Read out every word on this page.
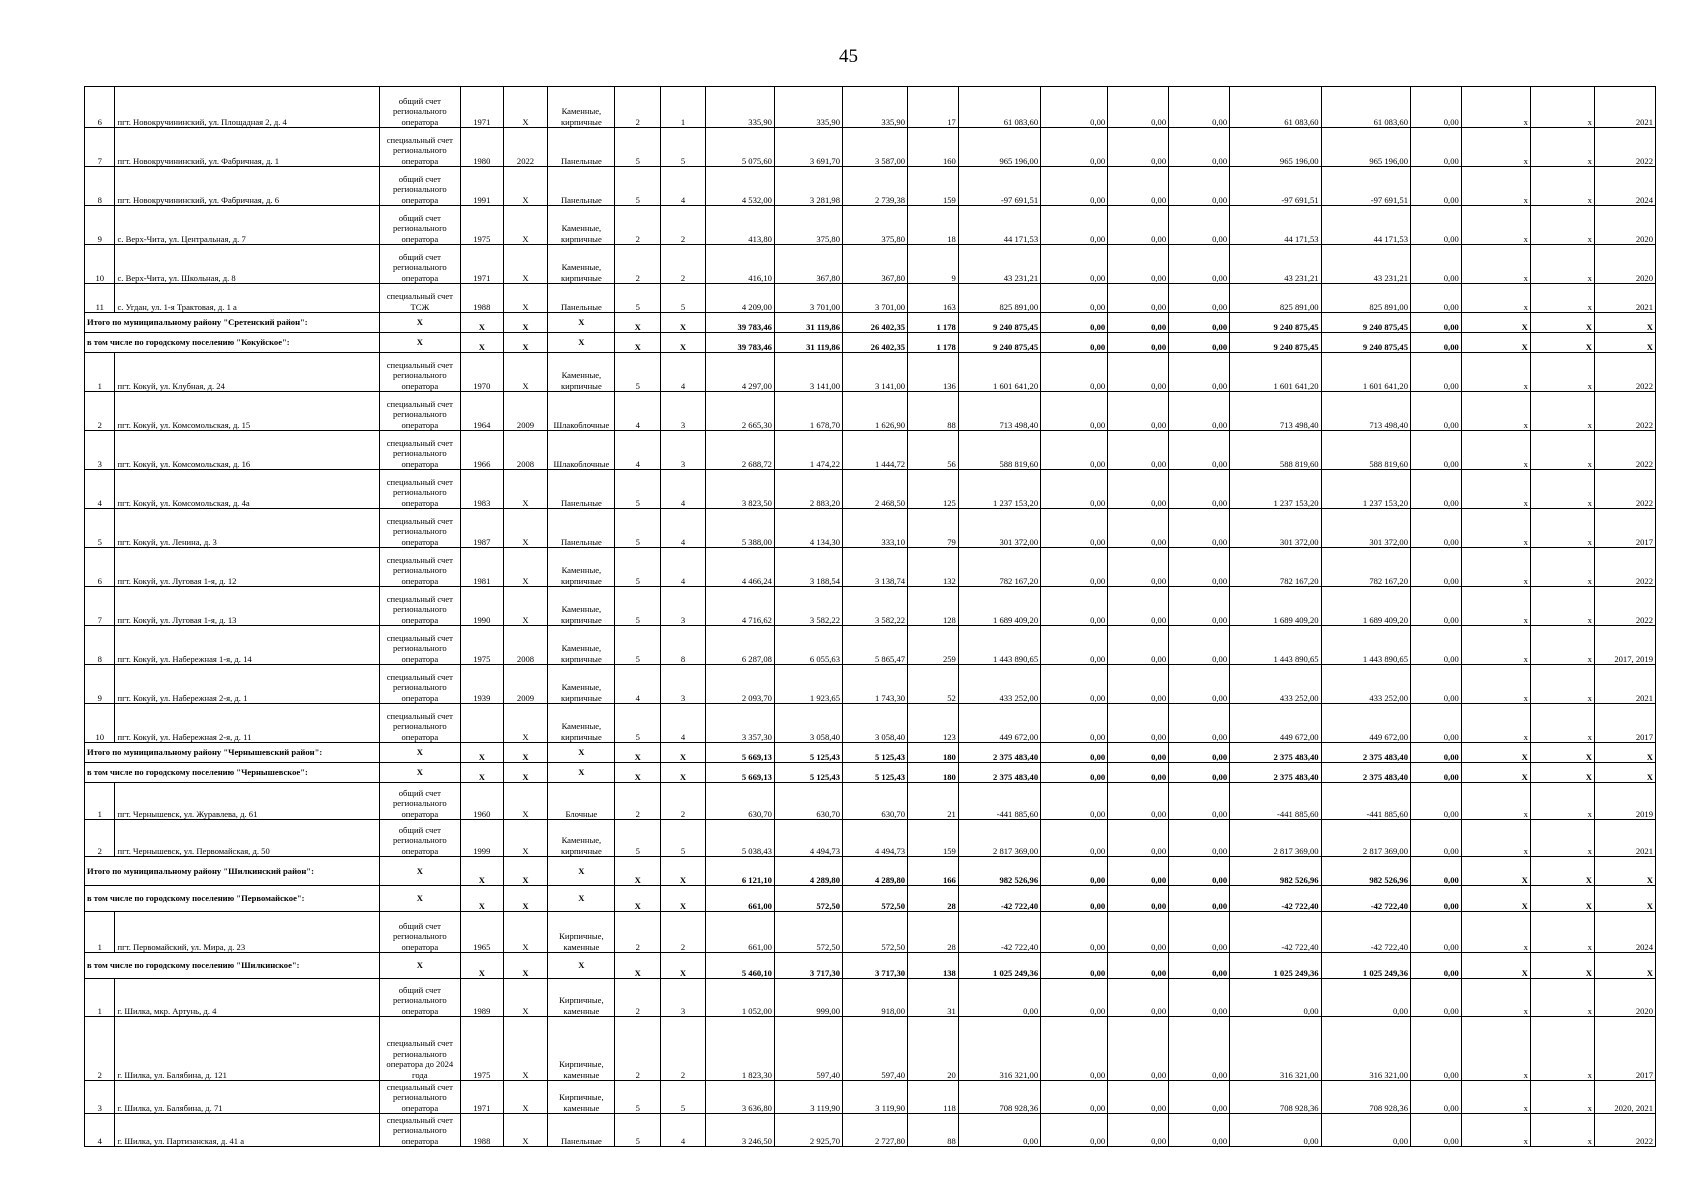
45
6	пгт. Новокручининский, ул. Площадная 2, д. 4	общий счет регионального оператора	1971	X	Каменные, кирпичные	2	1	335,90	335,90	335,90	17	61 083,60	0,00	0,00	0,00	61 083,60	61 083,60	0,00	x	x	2021
7	пгт. Новокручининский, ул. Фабричная, д. 1	специальный счет регионального оператора	1980	2022	Панельные	5	5	5 075,60	3 691,70	3 587,00	160	965 196,00	0,00	0,00	0,00	965 196,00	965 196,00	0,00	x	x	2022
8	пгт. Новокручининский, ул. Фабричная, д. 6	общий счет регионального оператора	1991	X	Панельные	5	4	4 532,00	3 281,98	2 739,38	159	-97 691,51	0,00	0,00	0,00	-97 691,51	-97 691,51	0,00	x	x	2024
9	с. Верх-Чита, ул. Центральная, д. 7	общий счет регионального оператора	1975	X	Каменные, кирпичные	2	2	413,80	375,80	375,80	18	44 171,53	0,00	0,00	0,00	44 171,53	44 171,53	0,00	x	x	2020
10	с. Верх-Чита, ул. Школьная, д. 8	общий счет регионального оператора	1971	X	Каменные, кирпичные	2	2	416,10	367,80	367,80	9	43 231,21	0,00	0,00	0,00	43 231,21	43 231,21	0,00	x	x	2020
11	с. Угдан, ул. 1-я Трактовая, д. 1 а	специальный счет ТСЖ	1988	X	Панельные	5	5	4 209,00	3 701,00	3 701,00	163	825 891,00	0,00	0,00	0,00	825 891,00	825 891,00	0,00	x	x	2021
Итого по муниципальному району "Сретенский район":		X	X	X	X	X	X	39 783,46	31 119,86	26 402,35	1 178	9 240 875,45	0,00	0,00	0,00	9 240 875,45	9 240 875,45	0,00	X	X	X
в том числе по городскому поселению "Кокуйское":		X	X	X	X	X	X	39 783,46	31 119,86	26 402,35	1 178	9 240 875,45	0,00	0,00	0,00	9 240 875,45	9 240 875,45	0,00	X	X	X
1	пгт. Кокуй, ул. Клубная, д. 24	специальный счет регионального оператора	1970	X	Каменные, кирпичные	5	4	4 297,00	3 141,00	3 141,00	136	1 601 641,20	0,00	0,00	0,00	1 601 641,20	1 601 641,20	0,00	x	x	2022
2	пгт. Кокуй, ул. Комсомольская, д. 15	специальный счет регионального оператора	1964	2009	Шлакоблочные	4	3	2 665,30	1 678,70	1 626,90	88	713 498,40	0,00	0,00	0,00	713 498,40	713 498,40	0,00	x	x	2022
3	пгт. Кокуй, ул. Комсомольская, д. 16	специальный счет регионального оператора	1966	2008	Шлакоблочные	4	3	2 688,72	1 474,22	1 444,72	56	588 819,60	0,00	0,00	0,00	588 819,60	588 819,60	0,00	x	x	2022
4	пгт. Кокуй, ул. Комсомольская, д. 4а	специальный счет регионального оператора	1983	X	Панельные	5	4	3 823,50	2 883,20	2 468,50	125	1 237 153,20	0,00	0,00	0,00	1 237 153,20	1 237 153,20	0,00	x	x	2022
5	пгт. Кокуй, ул. Ленина, д. 3	специальный счет регионального оператора	1987	X	Панельные	5	4	5 388,00	4 134,30	333,10	79	301 372,00	0,00	0,00	0,00	301 372,00	301 372,00	0,00	x	x	2017
6	пгт. Кокуй, ул. Луговая 1-я, д. 12	специальный счет регионального оператора	1981	X	Каменные, кирпичные	5	4	4 466,24	3 188,54	3 138,74	132	782 167,20	0,00	0,00	0,00	782 167,20	782 167,20	0,00	x	x	2022
7	пгт. Кокуй, ул. Луговая 1-я, д. 13	специальный счет регионального оператора	1990	X	Каменные, кирпичные	5	3	4 716,62	3 582,22	3 582,22	128	1 689 409,20	0,00	0,00	0,00	1 689 409,20	1 689 409,20	0,00	x	x	2022
8	пгт. Кокуй, ул. Набережная 1-я, д. 14	специальный счет регионального оператора	1975	2008	Каменные, кирпичные	5	8	6 287,08	6 055,63	5 865,47	259	1 443 890,65	0,00	0,00	0,00	1 443 890,65	1 443 890,65	0,00	x	x	2017, 2019
9	пгт. Кокуй, ул. Набережная 2-я, д. 1	специальный счет регионального оператора	1939	2009	Каменные, кирпичные	4	3	2 093,70	1 923,65	1 743,30	52	433 252,00	0,00	0,00	0,00	433 252,00	433 252,00	0,00	x	x	2021
10	пгт. Кокуй, ул. Набережная 2-я, д. 11	специальный счет регионального оператора		X	Каменные, кирпичные	5	4	3 357,30	3 058,40	3 058,40	123	449 672,00	0,00	0,00	0,00	449 672,00	449 672,00	0,00	x	x	2017
Итого по муниципальному району "Чернышевский район":		X	X	X	X	X	X	5 669,13	5 125,43	5 125,43	180	2 375 483,40	0,00	0,00	0,00	2 375 483,40	2 375 483,40	0,00	X	X	X
в том числе по городскому поселению "Чернышевское":		X	X	X	X	X	X	5 669,13	5 125,43	5 125,43	180	2 375 483,40	0,00	0,00	0,00	2 375 483,40	2 375 483,40	0,00	X	X	X
1	пгт. Чернышевск, ул. Журавлева, д. 61	общий счет регионального оператора	1960	X	Блочные	2	2	630,70	630,70	630,70	21	-441 885,60	0,00	0,00	0,00	-441 885,60	-441 885,60	0,00	x	x	2019
2	пгт. Чернышевск, ул. Первомайская, д. 50	общий счет регионального оператора	1999	X	Каменные, кирпичные	5	5	5 038,43	4 494,73	4 494,73	159	2 817 369,00	0,00	0,00	0,00	2 817 369,00	2 817 369,00	0,00	x	x	2021
Итого по муниципальному району "Шилкинский район":		X	X	X	X	X	X	6 121,10	4 289,80	4 289,80	166	982 526,96	0,00	0,00	0,00	982 526,96	982 526,96	0,00	X	X	X
в том числе по городскому поселению "Первомайское":		X	X	X	X	X	X	661,00	572,50	572,50	28	-42 722,40	0,00	0,00	0,00	-42 722,40	-42 722,40	0,00	X	X	X
1	пгт. Первомайский, ул. Мира, д. 23	общий счет регионального оператора	1965	X	Кирпичные, каменные	2	2	661,00	572,50	572,50	28	-42 722,40	0,00	0,00	0,00	-42 722,40	-42 722,40	0,00	x	x	2024
в том числе по городскому поселению "Шилкинское":		X	X	X	X	X	X	5 460,10	3 717,30	3 717,30	138	1 025 249,36	0,00	0,00	0,00	1 025 249,36	1 025 249,36	0,00	X	X	X
1	г. Шилка, мкр. Артунь, д. 4	общий счет регионального оператора	1989	X	Кирпичные, каменные	2	3	1 052,00	999,00	918,00	31	0,00	0,00	0,00	0,00	0,00	0,00	0,00	x	x	2020
2	г. Шилка, ул. Балябина, д. 121	специальный счет регионального оператора до 2024 года	1975	X	Кирпичные, каменные	2	2	1 823,30	597,40	597,40	20	316 321,00	0,00	0,00	0,00	316 321,00	316 321,00	0,00	x	x	2017
3	г. Шилка, ул. Балябина, д. 71	специальный счет регионального оператора	1971	X	Кирпичные, каменные	5	5	3 636,80	3 119,90	3 119,90	118	708 928,36	0,00	0,00	0,00	708 928,36	708 928,36	0,00	x	x	2020, 2021
4	г. Шилка, ул. Партизанская, д. 41 а	специальный счет регионального оператора	1988	X	Панельные	5	4	3 246,50	2 925,70	2 727,80	88	0,00	0,00	0,00	0,00	0,00	0,00	0,00	x	x	2022
